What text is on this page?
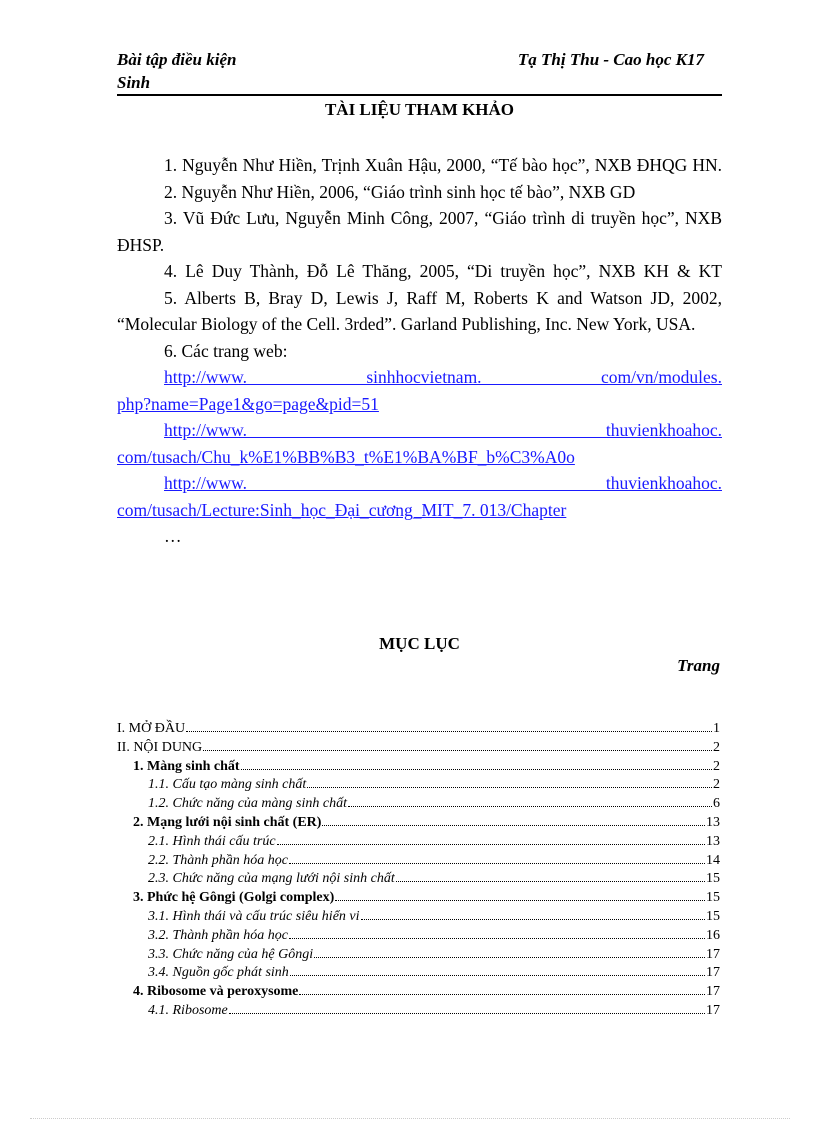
Bài tập điều kiện
Sinh
Tạ Thị Thu - Cao học K17
TÀI LIỆU THAM KHẢO

1. Nguyễn Như Hiền, Trịnh Xuân Hậu, 2000, “Tế bào học”, NXB ĐHQG HN.

2. Nguyễn Như Hiền, 2006, “Giáo trình sinh học tế bào”, NXB GD

3. Vũ Đức Lưu, Nguyễn Minh Công, 2007, “Giáo trình di truyền học”, NXB ĐHSP.

4. Lê Duy Thành, Đỗ Lê Thăng, 2005, “Di truyền học”, NXB KH & KT

5. Alberts B, Bray D, Lewis J, Raff M, Roberts K and Watson JD, 2002, “Molecular Biology of the Cell. 3rded”. Garland Publishing, Inc. New York, USA.

6. Các trang web:

http://www. sinhhocvietnam. com/vn/modules.

php?name=Page1&go=page&pid=51

http://www. thuvienkhoahoc.

com/tusach/Chu_k%E1%BB%B3_t%E1%BA%BF_b%C3%A0o

http://www. thuvienkhoahoc.

com/tusach/Lecture:Sinh_học_Đại_cương_MIT_7. 013/Chapter

…

MỤC LỤC
Trang
I. MỞ ĐẦU	1
II. NỘI DUNG	2
1. Màng sinh chất	2
1.1. Cấu tạo màng sinh chất	2
1.2. Chức năng của màng sinh chất	6
2. Mạng lưới nội sinh chất (ER)	13
2.1. Hình thái cấu trúc	13
2.2. Thành phần hóa học	14
2.3. Chức năng của mạng lưới nội sinh chất	15
3. Phức hệ Gôngi (Golgi complex)	15
3.1. Hình thái và cấu trúc siêu hiển vi	15
3.2. Thành phần hóa học	16
3.3. Chức năng của hệ Gôngi	17
3.4. Nguồn gốc phát sinh	17
4. Ribosome và peroxysome	17
4.1. Ribosome	17
